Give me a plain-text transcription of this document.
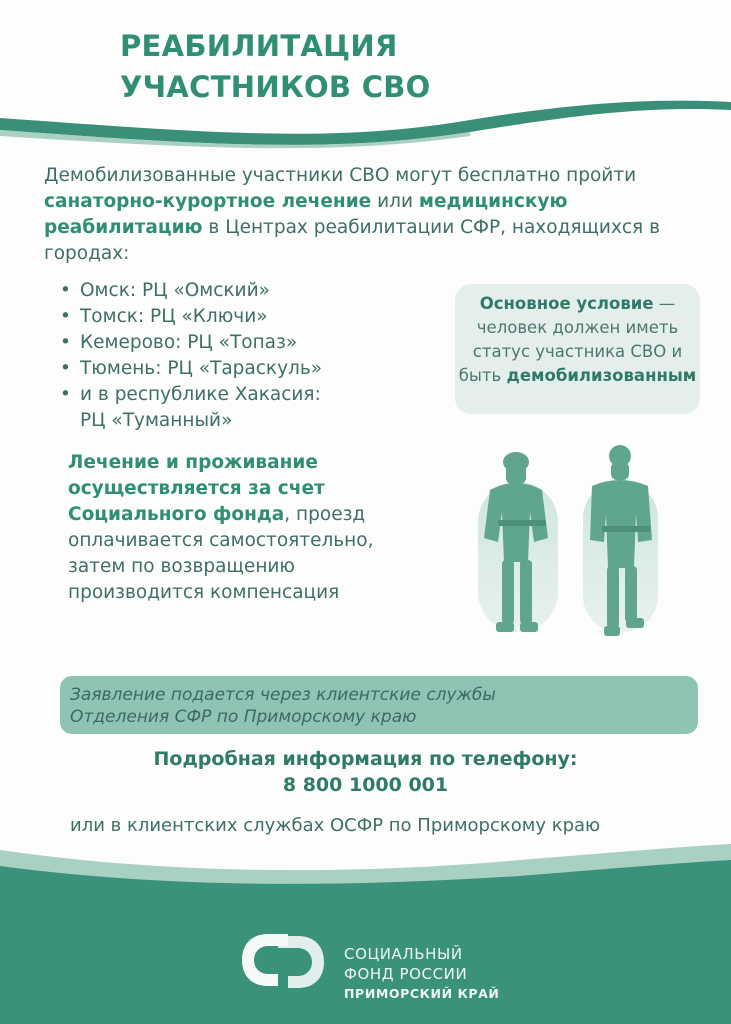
РЕАБИЛИТАЦИЯ
УЧАСТНИКОВ СВО

Демобилизованные участники СВО могут бесплатно пройти санаторно-курортное лечение или медицинскую реабилитацию в Центрах реабилитации СФР, находящихся в городах:

• Омск: РЦ «Омский»
• Томск: РЦ «Ключи»
• Кемерово: РЦ «Топаз»
• Тюмень: РЦ «Тараскуль»
• и в республике Хакасия:
РЦ «Туманный»
Основное условие — человек должен иметь статус участника СВО и быть демобилизованным

Лечение и проживание осуществляется за счет Социального фонда, проезд оплачивается самостоятельно, затем по возвращению производится компенсация

Заявление подается через клиентские службы
Отделения СФР по Приморскому краю
Подробная информация по телефону:
8 800 1000 001
или в клиентских службах ОСФР по Приморскому краю
СОЦИАЛЬНЫЙ
ФОНД РОССИИ
ПРИМОРСКИЙ КРАЙ
